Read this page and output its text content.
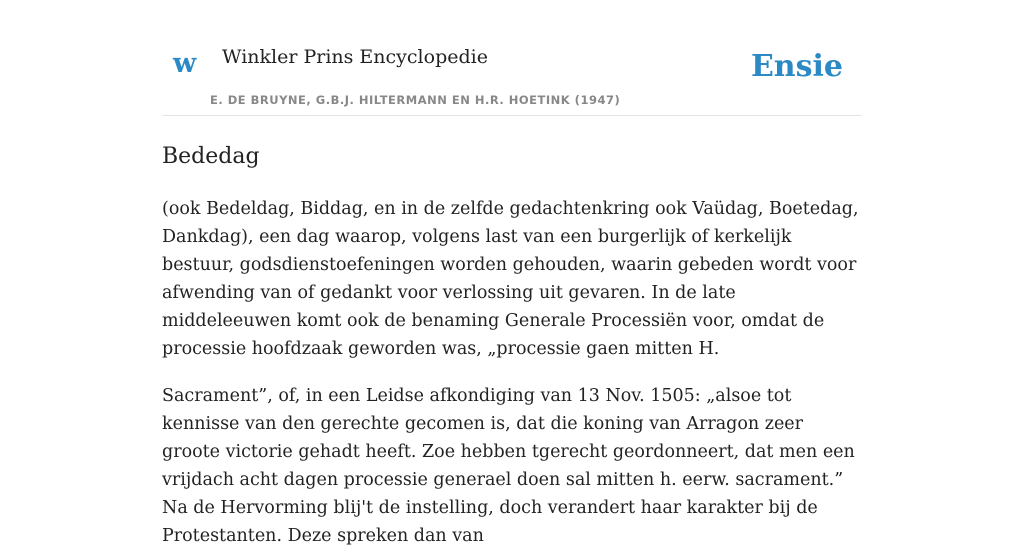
w Winkler Prins Encyclopedie
E. DE BRUYNE, G.B.J. HILTERMANN EN H.R. HOETINK (1947)
Ensie
Bededag

(ook Bedeldag, Biddag, en in de zelfde gedachtenkring ook Vaüdag, Boetedag, Dankdag), een dag waarop, volgens last van een burgerlijk of kerkelijk bestuur, godsdienstoefeningen worden gehouden, waarin gebeden wordt voor afwending van of gedankt voor verlossing uit gevaren. In de late middeleeuwen komt ook de benaming Generale Processiën voor, omdat de processie hoofdzaak geworden was, „processie gaen mitten H.

Sacrament”, of, in een Leidse afkondiging van 13 Nov. 1505: „alsoe tot kennisse van den gerechte gecomen is, dat die koning van Arragon zeer groote victorie gehadt heeft. Zoe hebben tgerecht geordonneert, dat men een vrijdach acht dagen processie generael doen sal mitten h. eerw. sacrament.” Na de Hervorming blij't de instelling, doch verandert haar karakter bij de Protestanten. Deze spreken dan van
